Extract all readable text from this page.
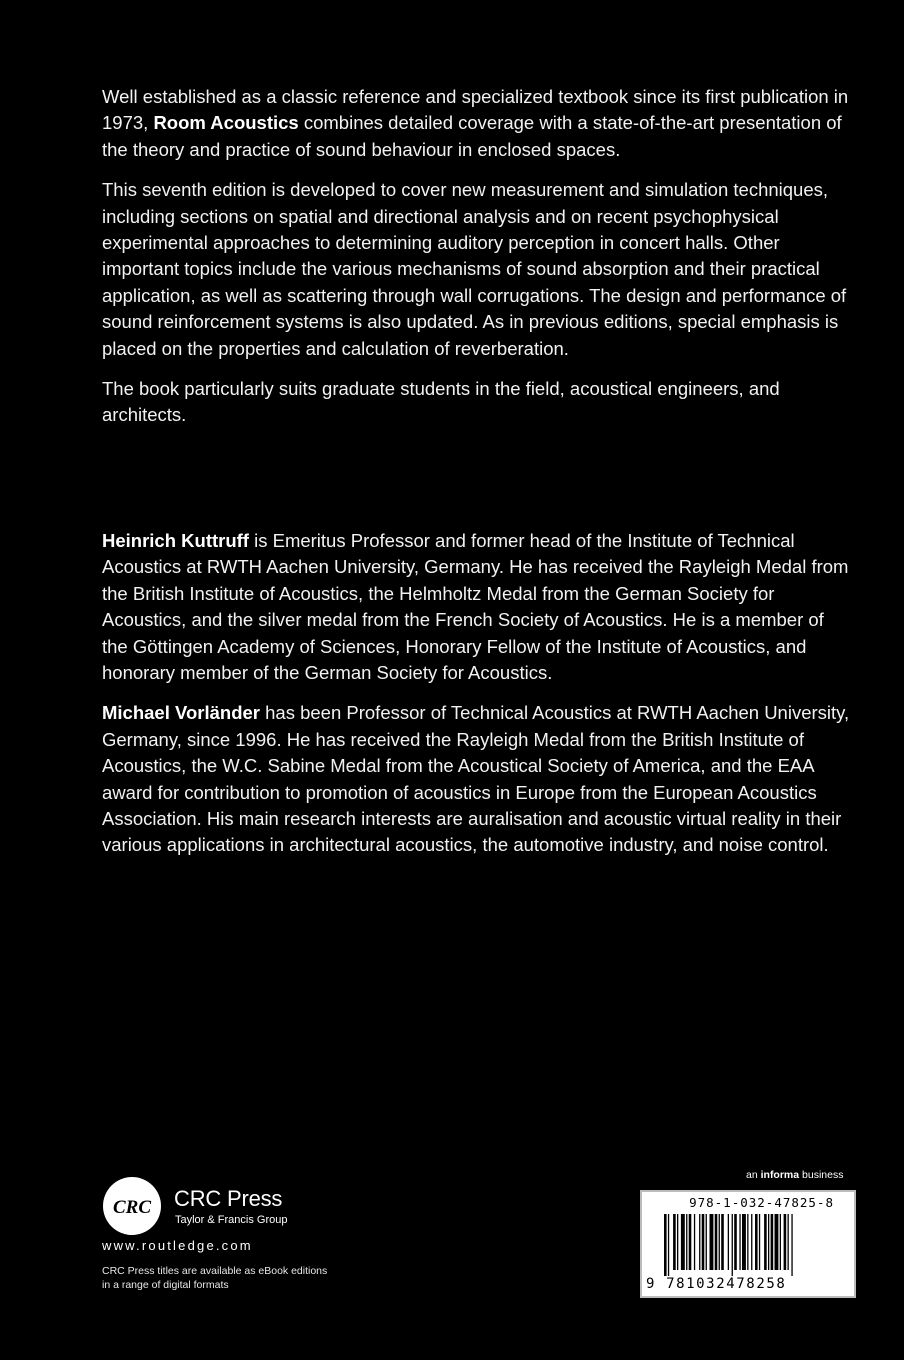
Well established as a classic reference and specialized textbook since its first publication in 1973, Room Acoustics combines detailed coverage with a state-of-the-art presentation of the theory and practice of sound behaviour in enclosed spaces.

This seventh edition is developed to cover new measurement and simulation techniques, including sections on spatial and directional analysis and on recent psychophysical experimental approaches to determining auditory perception in concert halls. Other important topics include the various mechanisms of sound absorption and their practical application, as well as scattering through wall corrugations. The design and performance of sound reinforcement systems is also updated. As in previous editions, special emphasis is placed on the properties and calculation of reverberation.

The book particularly suits graduate students in the field, acoustical engineers, and architects.

Heinrich Kuttruff is Emeritus Professor and former head of the Institute of Technical Acoustics at RWTH Aachen University, Germany. He has received the Rayleigh Medal from the British Institute of Acoustics, the Helmholtz Medal from the German Society for Acoustics, and the silver medal from the French Society of Acoustics. He is a member of the Göttingen Academy of Sciences, Honorary Fellow of the Institute of Acoustics, and honorary member of the German Society for Acoustics.

Michael Vorländer has been Professor of Technical Acoustics at RWTH Aachen University, Germany, since 1996. He has received the Rayleigh Medal from the British Institute of Acoustics, the W.C. Sabine Medal from the Acoustical Society of America, and the EAA award for contribution to promotion of acoustics in Europe from the European Acoustics Association. His main research interests are auralisation and acoustic virtual reality in their various applications in architectural acoustics, the automotive industry, and noise control.

CRC CRC Press
Taylor & Francis Group
www.routledge.com
CRC Press titles are available as eBook editions
in a range of digital formats
an informa business
978-1-032-47825-8
9 781032478258
